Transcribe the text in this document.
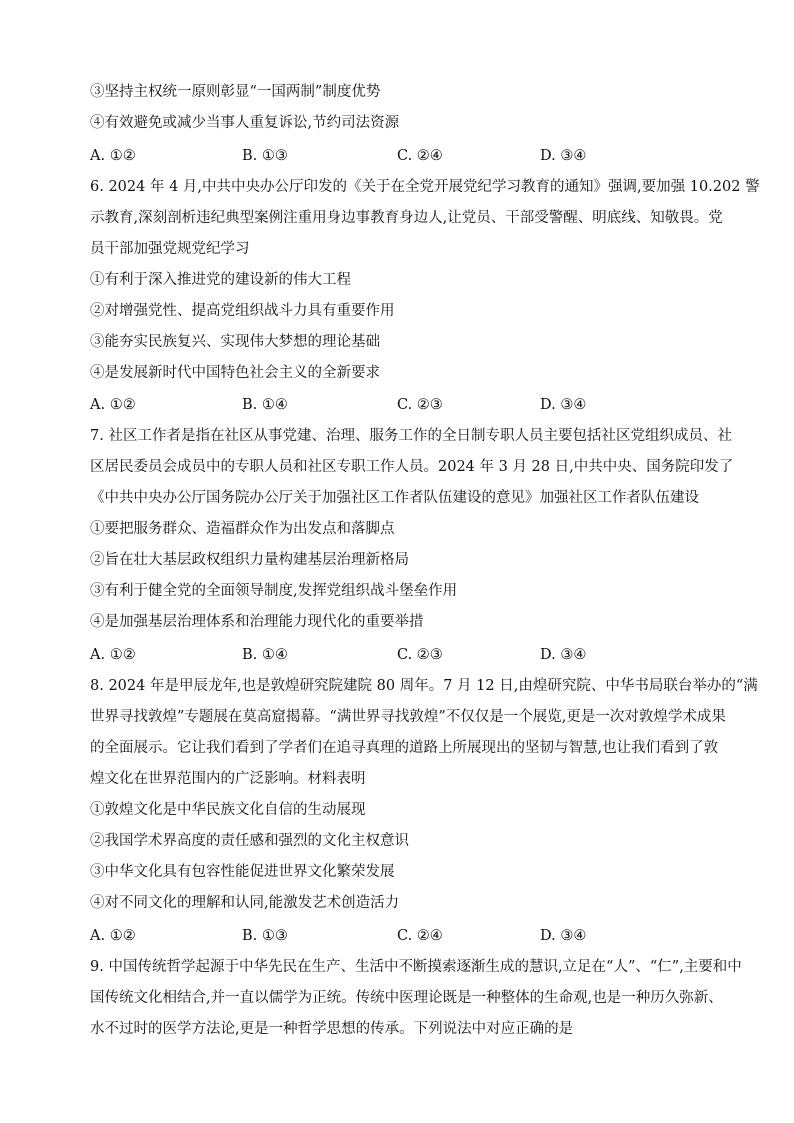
③坚持主权统一原则彰显“一国两制”制度优势
④有效避免或减少当事人重复诉讼,节约司法资源
A. ①②	B. ①③	C. ②④	D. ③④
6. 2024 年 4 月,中共中央办公厅印发的《关于在全党开展党纪学习教育的通知》强调,要加强 10.202 警
示教育,深刻剖析违纪典型案例注重用身边事教育身边人,让党员、干部受警醒、明底线、知敬畏。党
员干部加强党规党纪学习
①有利于深入推进党的建设新的伟大工程
②对增强党性、提高党组织战斗力具有重要作用
③能夯实民族复兴、实现伟大梦想的理论基础
④是发展新时代中国特色社会主义的全新要求
A. ①②	B. ①④	C. ②③	D. ③④
7. 社区工作者是指在社区从事党建、治理、服务工作的全日制专职人员主要包括社区党组织成员、社
区居民委员会成员中的专职人员和社区专职工作人员。2024 年 3 月 28 日,中共中央、国务院印发了
《中共中央办公厅国务院办公厅关于加强社区工作者队伍建设的意见》加强社区工作者队伍建设
①要把服务群众、造福群众作为出发点和落脚点
②旨在壮大基层政权组织力量构建基层治理新格局
③有利于健全党的全面领导制度,发挥党组织战斗堡垒作用
④是加强基层治理体系和治理能力现代化的重要举措
A. ①②	B. ①④	C. ②③	D. ③④
8. 2024 年是甲辰龙年,也是敦煌研究院建院 80 周年。7 月 12 日,由煌研究院、中华书局联台举办的“满
世界寻找敦煌”专题展在莫高窟揭幕。“满世界寻找敦煌”不仅仅是一个展览,更是一次对敦煌学术成果
的全面展示。它让我们看到了学者们在追寻真理的道路上所展现出的坚韧与智慧,也让我们看到了敦
煌文化在世界范围内的广泛影响。材料表明
①敦煌文化是中华民族文化自信的生动展现
②我国学术界高度的责任感和强烈的文化主权意识
③中华文化具有包容性能促进世界文化繁荣发展
④对不同文化的理解和认同,能激发艺术创造活力
A. ①②	B. ①③	C. ②④	D. ③④
9. 中国传统哲学起源于中华先民在生产、生活中不断摸索逐渐生成的慧识,立足在“人”、“仁”,主要和中
国传统文化相结合,并一直以儒学为正统。传统中医理论既是一种整体的生命观,也是一种历久弥新、
水不过时的医学方法论,更是一种哲学思想的传承。下列说法中对应正确的是
